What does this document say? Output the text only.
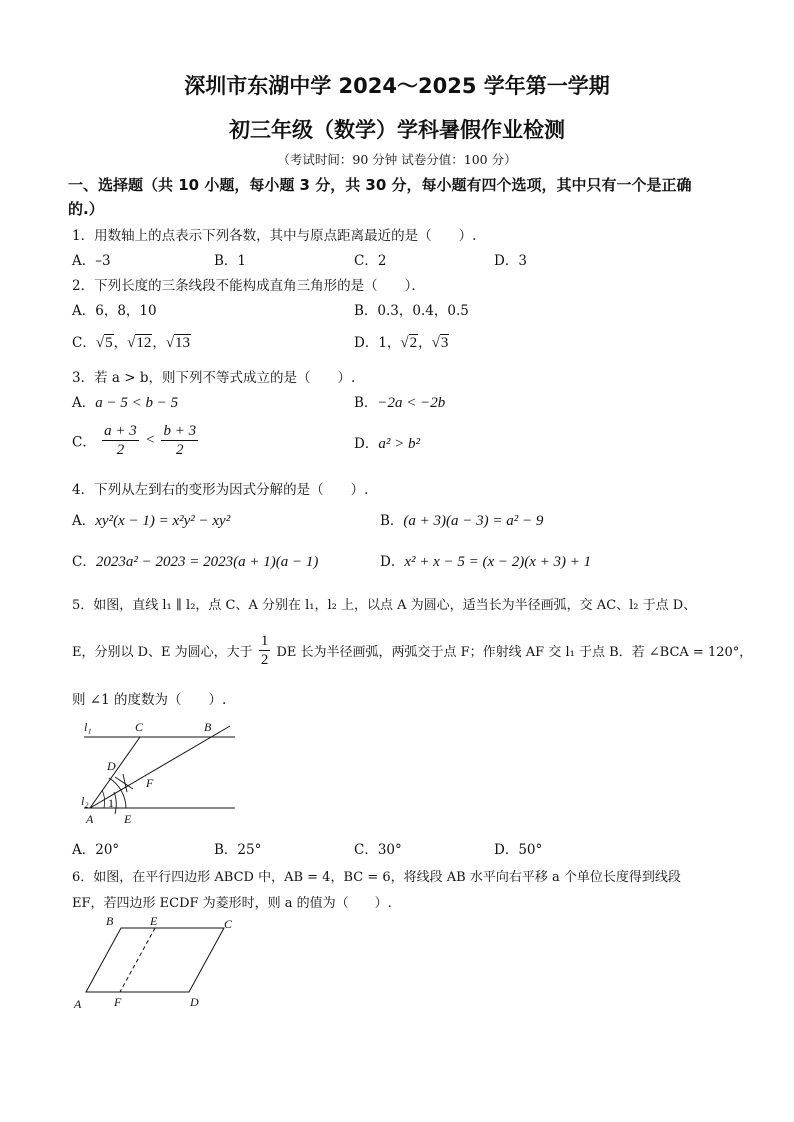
深圳市东湖中学 2024～2025 学年第一学期
初三年级（数学）学科暑假作业检测
（考试时间：90 分钟 试卷分值：100 分）
一、选择题（共 10 小题，每小题 3 分，共 30 分，每小题有四个选项，其中只有一个是正确
的.）
1．用数轴上的点表示下列各数，其中与原点距离最近的是（　　）.
A．–3	B．1	C．2	D．3
2．下列长度的三条线段不能构成直角三角形的是（　　）．
A．6，8，10	B．0.3，0.4，0.5
C．√5，√12，√13	D．1，√2，√3
3．若 a > b，则下列不等式成立的是（　　）.
A．a − 5 < b − 5	B．−2a < −2b
C． $\frac{a + 3}{2} < \frac{b + 3}{2}$	D．a² > b²
4．下列从左到右的变形为因式分解的是（　　）.
A．xy²(x − 1) = x²y² − xy²	B．(a + 3)(a − 3) = a² − 9
C．2023a² − 2023 = 2023(a + 1)(a − 1)	D．x² + x − 5 = (x − 2)(x + 3) + 1
5．如图，直线 l₁ ∥ l₂，点 C、A 分别在 l₁，l₂ 上，以点 A 为圆心，适当长为半径画弧，交 AC、l₂ 于点 D、
E，分别以 D、E 为圆心，大于 $\frac{1}{2}$ DE 长为半径画弧，两弧交于点 F；作射线 AF 交 l₁ 于点 B．若 ∠BCA = 120°，
则 ∠1 的度数为（　　）.
l₁	C	B
D
F
l₂ 1
A	E
A．20°	B．25°	C．30°	D．50°
6．如图，在平行四边形 ABCD 中，AB = 4，BC = 6，将线段 AB 水平向右平移 a 个单位长度得到线段
EF，若四边形 ECDF 为菱形时，则 a 的值为（　　）.
B	E	C
A	F	D
